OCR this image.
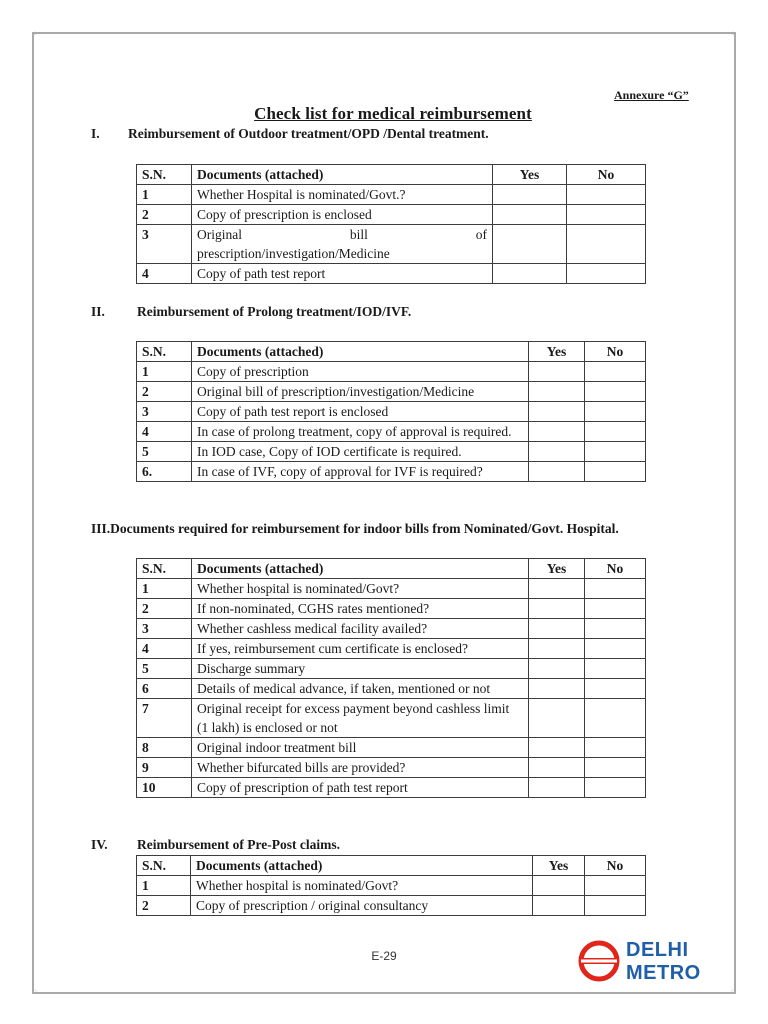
◦	◦
◦	◦
Annexure “G”
Check list for medical reimbursement
I. Reimbursement of Outdoor treatment/OPD /Dental treatment.
S.N.	Documents (attached)	Yes	No
1	Whether Hospital is nominated/Govt.?		
2	Copy of prescription is enclosed		
3	Original bill of
prescription/investigation/Medicine		

4	Copy of path test report		
II. Reimbursement of Prolong treatment/IOD/IVF.
S.N.	Documents (attached)	Yes	No
1	Copy of prescription		
2	Original bill of prescription/investigation/Medicine		
3	Copy of path test report is enclosed		
4	In case of prolong treatment, copy of approval is required.		
5	In IOD case, Copy of IOD certificate is required.		
6.	In case of IVF, copy of approval for IVF is required?		
III.Documents required for reimbursement for indoor bills from Nominated/Govt. Hospital.
S.N.	Documents (attached)	Yes	No
1	Whether hospital is nominated/Govt?		
2	If non-nominated, CGHS rates mentioned?		
3	Whether cashless medical facility availed?		
4	If yes, reimbursement cum certificate is enclosed?		
5	Discharge summary		
6	Details of medical advance, if taken, mentioned or not		
7	Original receipt for excess payment beyond cashless limit (1 lakh) is enclosed or not		
8	Original indoor treatment bill		
9	Whether bifurcated bills are provided?		
10	Copy of prescription of path test report		
IV. Reimbursement of Pre-Post claims.
S.N.	Documents (attached)	Yes	No
1	Whether hospital is nominated/Govt?		
2	Copy of prescription / original consultancy		
E-29	DELHI
METRO
